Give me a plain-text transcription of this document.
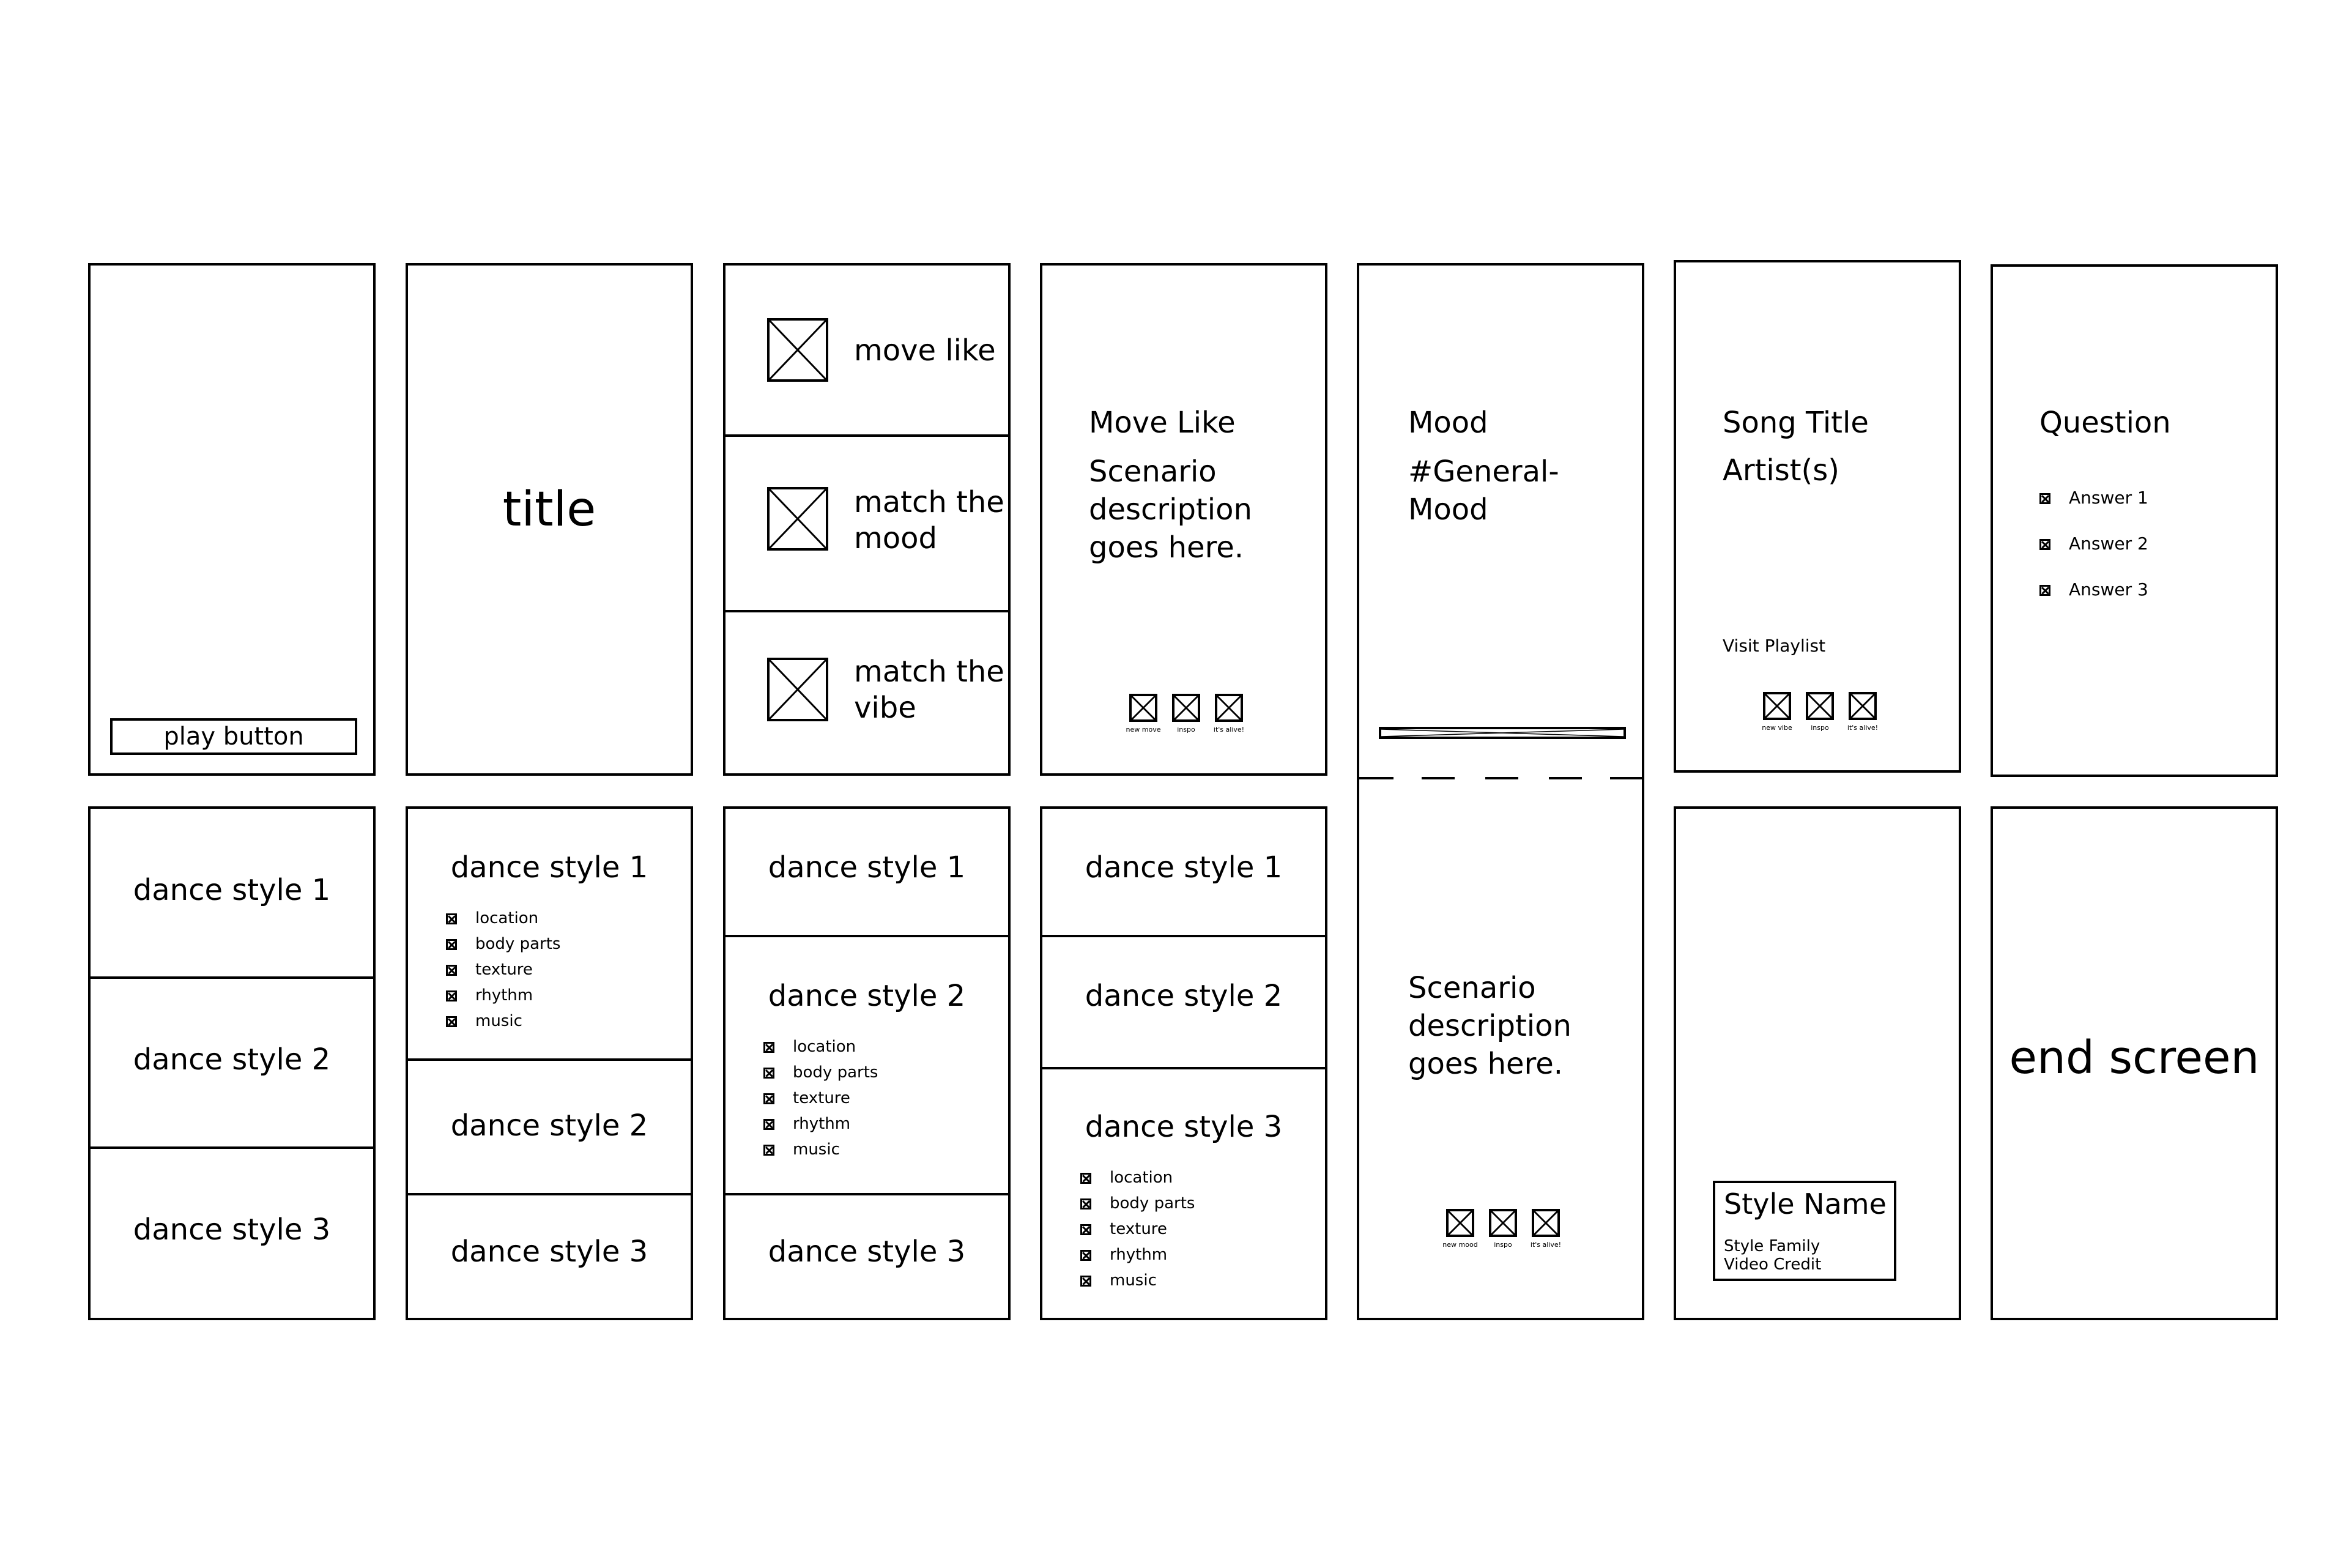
play button
title
move like
match the
mood
match the
vibe
Move Like
Scenario
description
goes here.
new move	inspo	it's alive!
Mood
#General-
Mood
Scenario
description
goes here.
new mood	inspo	it's alive!
Song Title
Artist(s)
Visit Playlist
new vibe	inspo	it's alive!
Question
Answer 1
Answer 2
Answer 3
dance style 1
dance style 2
dance style 3
dance style 1
location
body parts
texture
rhythm
music
dance style 2
dance style 3
dance style 1
dance style 2
location
body parts
texture
rhythm
music
dance style 3
dance style 1
dance style 2
dance style 3
location
body parts
texture
rhythm
music
Style Name
Style Family
Video Credit
end screen
